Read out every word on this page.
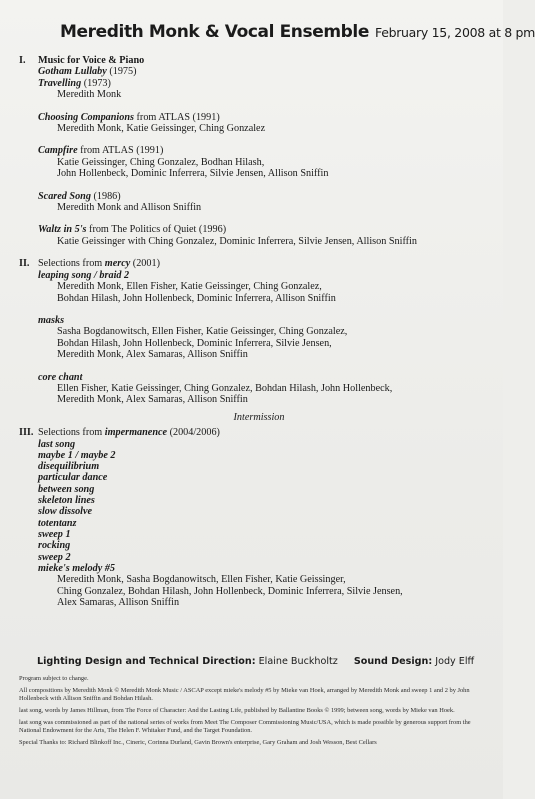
Meredith Monk & Vocal Ensemble February 15, 2008 at 8 pm
I. Music for Voice & Piano
Gotham Lullaby (1975)
Travelling (1973)
Meredith Monk
Choosing Companions from ATLAS (1991)
Meredith Monk, Katie Geissinger, Ching Gonzalez
Campfire from ATLAS (1991)
Katie Geissinger, Ching Gonzalez, Bodhan Hilash,
John Hollenbeck, Dominic Inferrera, Silvie Jensen, Allison Sniffin
Scared Song (1986)
Meredith Monk and Allison Sniffin
Waltz in 5's from The Politics of Quiet (1996)
Katie Geissinger with Ching Gonzalez, Dominic Inferrera, Silvie Jensen, Allison Sniffin
II. Selections from mercy (2001)
leaping song / braid 2
Meredith Monk, Ellen Fisher, Katie Geissinger, Ching Gonzalez,
Bohdan Hilash, John Hollenbeck, Dominic Inferrera, Allison Sniffin
masks
Sasha Bogdanowitsch, Ellen Fisher, Katie Geissinger, Ching Gonzalez,
Bohdan Hilash, John Hollenbeck, Dominic Inferrera, Silvie Jensen,
Meredith Monk, Alex Samaras, Allison Sniffin
core chant
Ellen Fisher, Katie Geissinger, Ching Gonzalez, Bohdan Hilash, John Hollenbeck,
Meredith Monk, Alex Samaras, Allison Sniffin
Intermission
III. Selections from impermanence (2004/2006)
last song
maybe 1 / maybe 2
disequilibrium
particular dance
between song
skeleton lines
slow dissolve
totentanz
sweep 1
rocking
sweep 2
mieke's melody #5
Meredith Monk, Sasha Bogdanowitsch, Ellen Fisher, Katie Geissinger,
Ching Gonzalez, Bohdan Hilash, John Hollenbeck, Dominic Inferrera, Silvie Jensen,
Alex Samaras, Allison Sniffin
Lighting Design and Technical Direction: Elaine Buckholtz Sound Design: Jody Elff

Program subject to change.

All compositions by Meredith Monk © Meredith Monk Music / ASCAP except mieke's melody #5 by Mieke van Hoek, arranged by Meredith Monk and sweep 1 and 2 by John Hollenbeck with Allison Sniffin and Bohdan Hilash.

last song, words by James Hillman, from The Force of Character: And the Lasting Life, published by Ballantine Books © 1999; between song, words by Mieke van Hoek.

last song was commissioned as part of the national series of works from Meet The Composer Commissioning Music/USA, which is made possible by generous support from the National Endowment for the Arts, The Helen F. Whitaker Fund, and the Target Foundation.

Special Thanks to: Richard Blinkoff Inc., Cineric, Corinna Durland, Gavin Brown's enterprise, Gary Graham and Josh Wesson, Best Cellars
